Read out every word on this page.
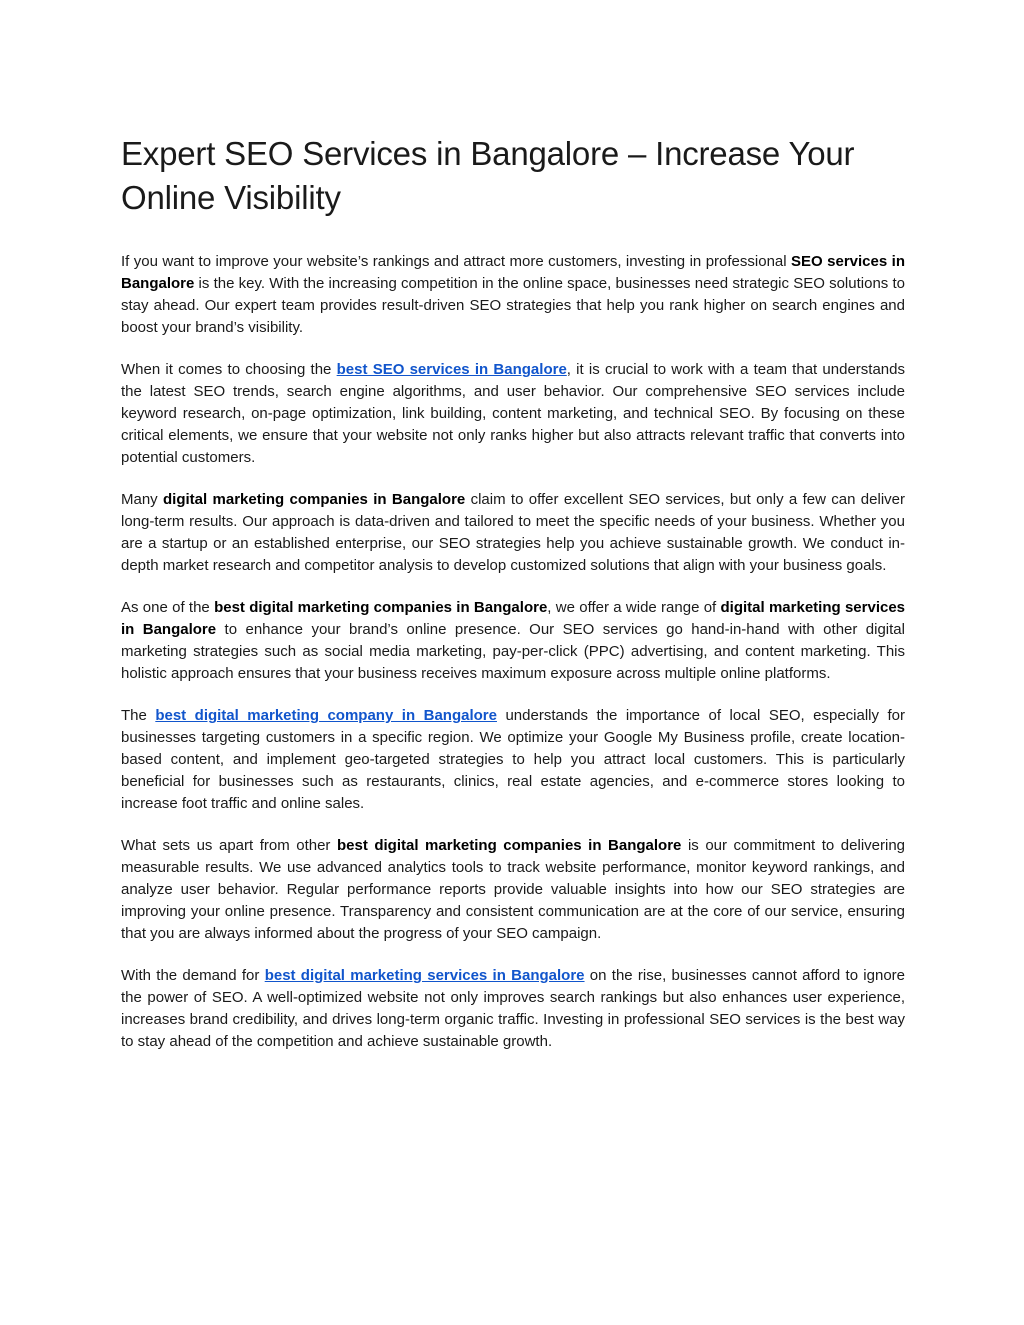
Expert SEO Services in Bangalore – Increase Your Online Visibility

If you want to improve your website’s rankings and attract more customers, investing in professional SEO services in Bangalore is the key. With the increasing competition in the online space, businesses need strategic SEO solutions to stay ahead. Our expert team provides result-driven SEO strategies that help you rank higher on search engines and boost your brand’s visibility.

When it comes to choosing the best SEO services in Bangalore, it is crucial to work with a team that understands the latest SEO trends, search engine algorithms, and user behavior. Our comprehensive SEO services include keyword research, on-page optimization, link building, content marketing, and technical SEO. By focusing on these critical elements, we ensure that your website not only ranks higher but also attracts relevant traffic that converts into potential customers.

Many digital marketing companies in Bangalore claim to offer excellent SEO services, but only a few can deliver long-term results. Our approach is data-driven and tailored to meet the specific needs of your business. Whether you are a startup or an established enterprise, our SEO strategies help you achieve sustainable growth. We conduct in-depth market research and competitor analysis to develop customized solutions that align with your business goals.

As one of the best digital marketing companies in Bangalore, we offer a wide range of digital marketing services in Bangalore to enhance your brand’s online presence. Our SEO services go hand-in-hand with other digital marketing strategies such as social media marketing, pay-per-click (PPC) advertising, and content marketing. This holistic approach ensures that your business receives maximum exposure across multiple online platforms.

The best digital marketing company in Bangalore understands the importance of local SEO, especially for businesses targeting customers in a specific region. We optimize your Google My Business profile, create location-based content, and implement geo-targeted strategies to help you attract local customers. This is particularly beneficial for businesses such as restaurants, clinics, real estate agencies, and e-commerce stores looking to increase foot traffic and online sales.

What sets us apart from other best digital marketing companies in Bangalore is our commitment to delivering measurable results. We use advanced analytics tools to track website performance, monitor keyword rankings, and analyze user behavior. Regular performance reports provide valuable insights into how our SEO strategies are improving your online presence. Transparency and consistent communication are at the core of our service, ensuring that you are always informed about the progress of your SEO campaign.

With the demand for best digital marketing services in Bangalore on the rise, businesses cannot afford to ignore the power of SEO. A well-optimized website not only improves search rankings but also enhances user experience, increases brand credibility, and drives long-term organic traffic. Investing in professional SEO services is the best way to stay ahead of the competition and achieve sustainable growth.
